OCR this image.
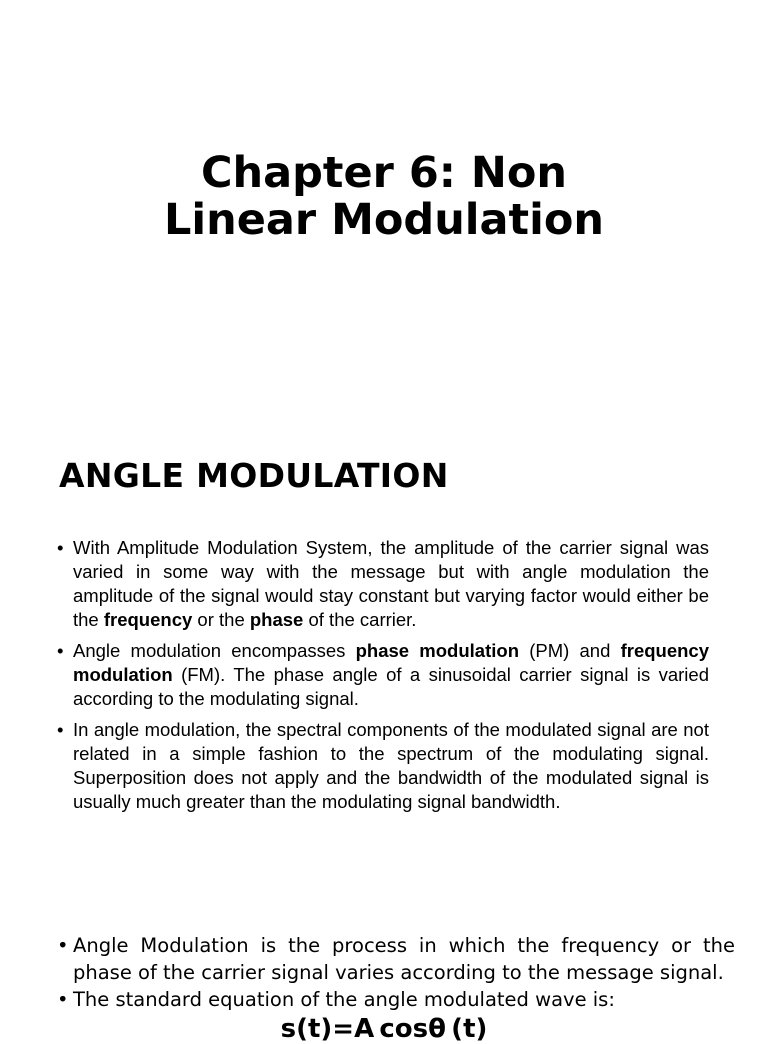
Chapter 6: Non
Linear Modulation
ANGLE MODULATION
• With Amplitude Modulation System, the amplitude of the carrier signal was varied in some way with the message but with angle modulation the amplitude of the signal would stay constant but varying factor would either be the frequency or the phase of the carrier.
• Angle modulation encompasses phase modulation (PM) and frequency modulation (FM). The phase angle of a sinusoidal carrier signal is varied according to the modulating signal.
• In angle modulation, the spectral components of the modulated signal are not related in a simple fashion to the spectrum of the modulating signal. Superposition does not apply and the bandwidth of the modulated signal is usually much greater than the modulating signal bandwidth.
• Angle Modulation is the process in which the frequency or the phase of the carrier signal varies according to the message signal.
• The standard equation of the angle modulated wave is:
s(t)=A cosθ (t)
